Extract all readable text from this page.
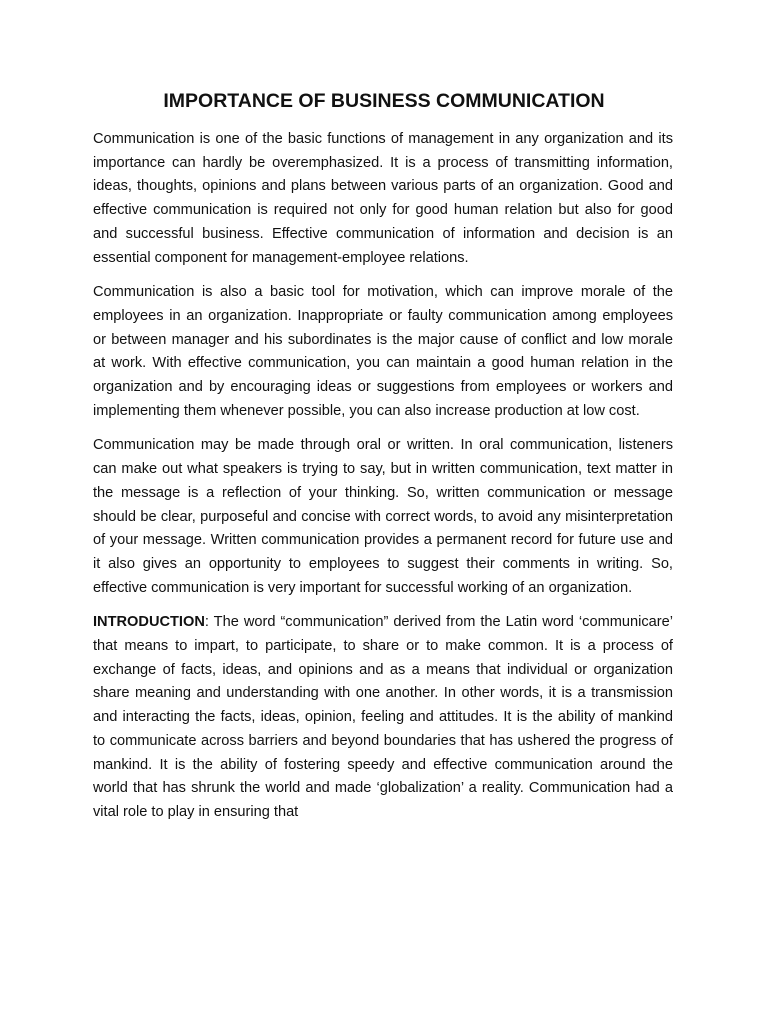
IMPORTANCE OF BUSINESS COMMUNICATION

Communication is one of the basic functions of management in any organization and its importance can hardly be overemphasized. It is a process of transmitting information, ideas, thoughts, opinions and plans between various parts of an organization. Good and effective communication is required not only for good human relation but also for good and successful business. Effective communication of information and decision is an essential component for management-employee relations.

Communication is also a basic tool for motivation, which can improve morale of the employees in an organization. Inappropriate or faulty communication among employees or between manager and his subordinates is the major cause of conflict and low morale at work. With effective communication, you can maintain a good human relation in the organization and by encouraging ideas or suggestions from employees or workers and implementing them whenever possible, you can also increase production at low cost.

Communication may be made through oral or written. In oral communication, listeners can make out what speakers is trying to say, but in written communication, text matter in the message is a reflection of your thinking. So, written communication or message should be clear, purposeful and concise with correct words, to avoid any misinterpretation of your message. Written communication provides a permanent record for future use and it also gives an opportunity to employees to suggest their comments in writing. So, effective communication is very important for successful working of an organization.

INTRODUCTION: The word “communication” derived from the Latin word ‘communicare’ that means to impart, to participate, to share or to make common. It is a process of exchange of facts, ideas, and opinions and as a means that individual or organization share meaning and understanding with one another. In other words, it is a transmission and interacting the facts, ideas, opinion, feeling and attitudes. It is the ability of mankind to communicate across barriers and beyond boundaries that has ushered the progress of mankind. It is the ability of fostering speedy and effective communication around the world that has shrunk the world and made ‘globalization’ a reality. Communication had a vital role to play in ensuring that
